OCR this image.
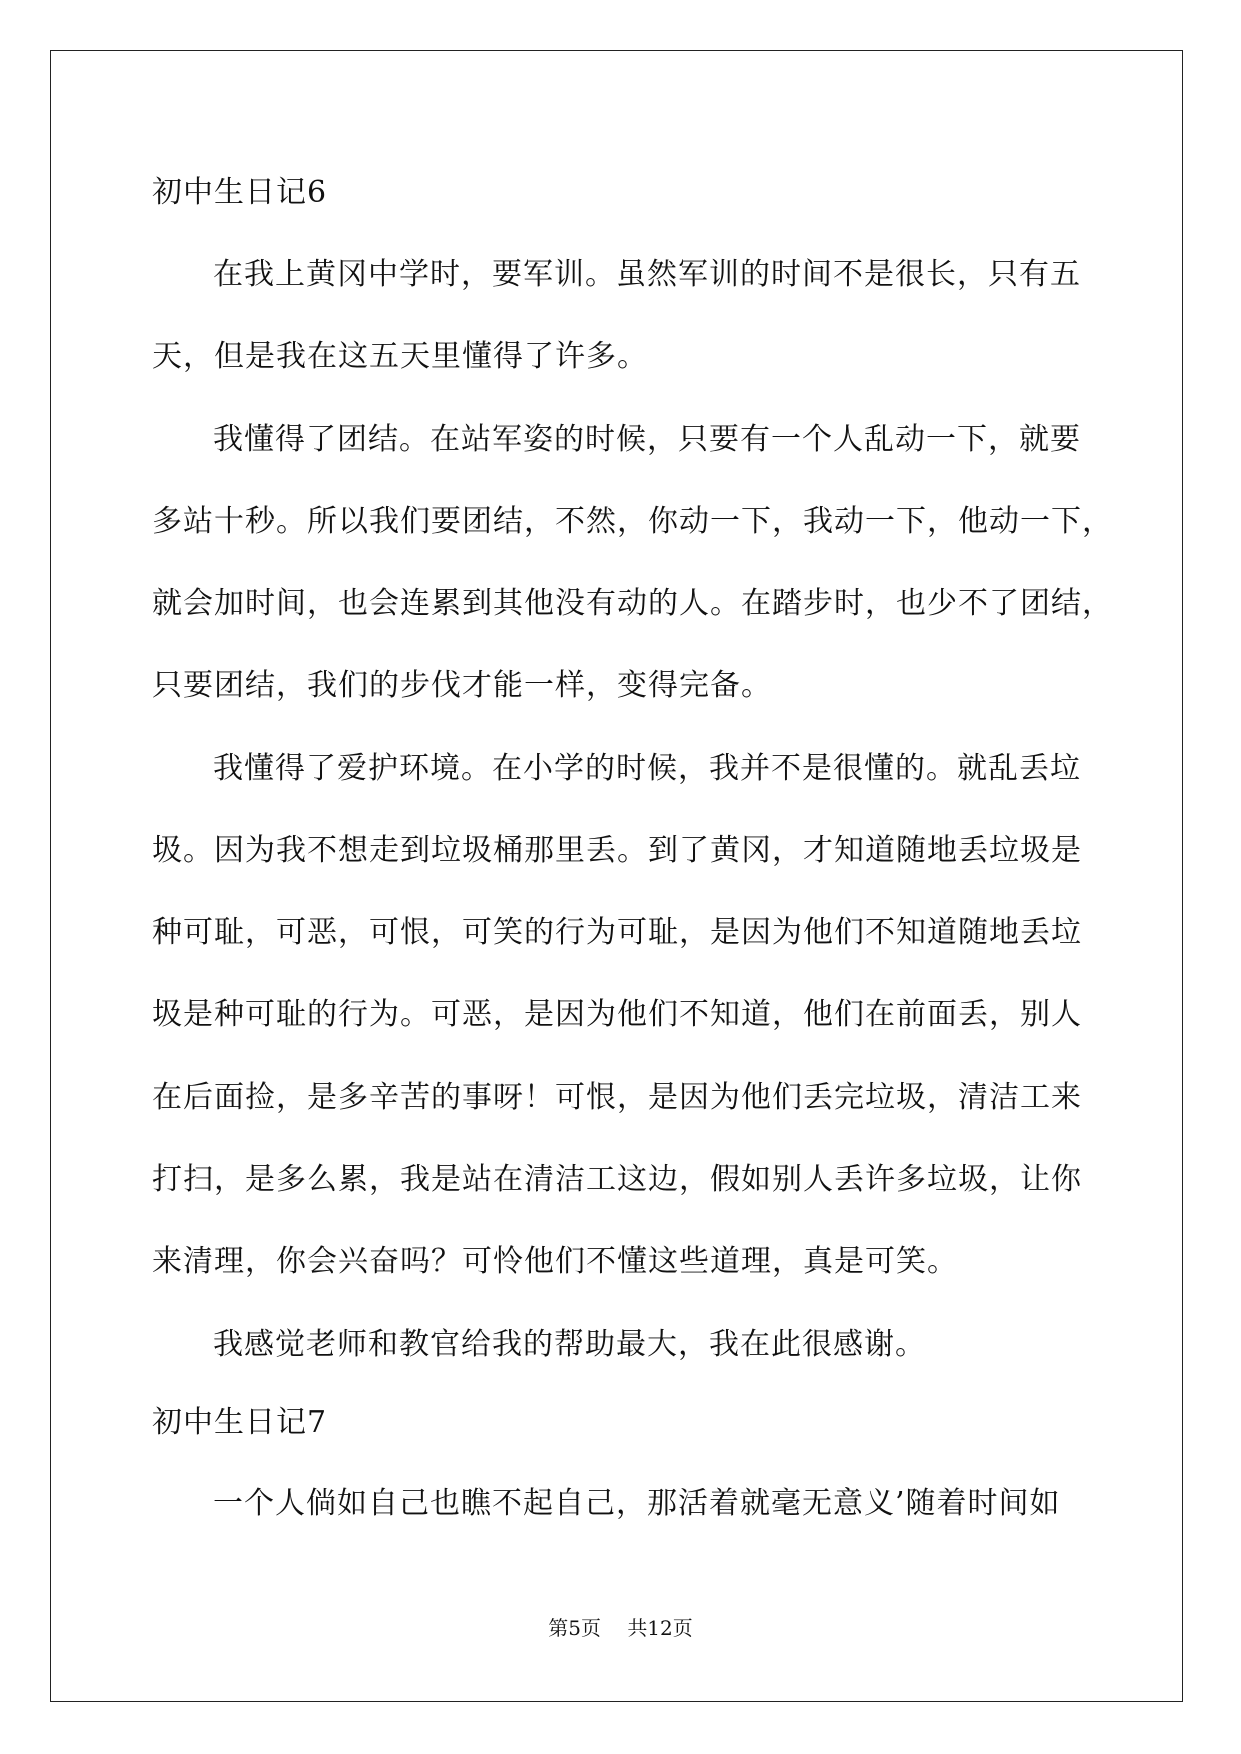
初中生日记6
在我上黄冈中学时，要军训。虽然军训的时间不是很长，只有五
天，但是我在这五天里懂得了许多。
我懂得了团结。在站军姿的时候，只要有一个人乱动一下，就要
多站十秒。所以我们要团结，不然，你动一下，我动一下，他动一下，
就会加时间，也会连累到其他没有动的人。在踏步时，也少不了团结，
只要团结，我们的步伐才能一样，变得完备。
我懂得了爱护环境。在小学的时候，我并不是很懂的。就乱丢垃
圾。因为我不想走到垃圾桶那里丢。到了黄冈，才知道随地丢垃圾是
种可耻，可恶，可恨，可笑的行为可耻，是因为他们不知道随地丢垃
圾是种可耻的行为。可恶，是因为他们不知道，他们在前面丢，别人
在后面捡，是多辛苦的事呀！可恨，是因为他们丢完垃圾，清洁工来
打扫，是多么累，我是站在清洁工这边，假如别人丢许多垃圾，让你
来清理，你会兴奋吗？可怜他们不懂这些道理，真是可笑。
我感觉老师和教官给我的帮助最大，我在此很感谢。
初中生日记7
一个人倘如自己也瞧不起自己，那活着就毫无意义’随着时间如
第5页 共12页
